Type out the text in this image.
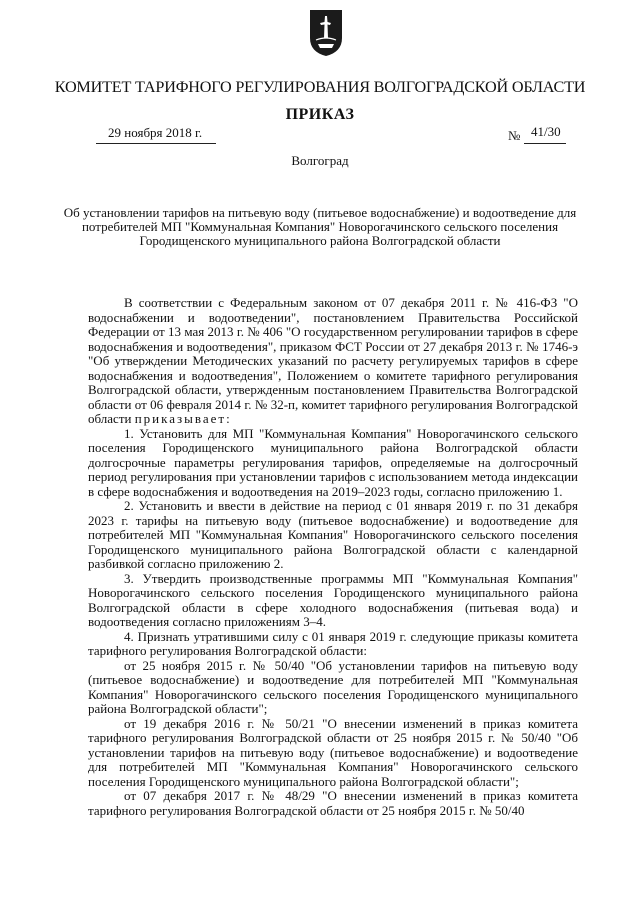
КОМИТЕТ ТАРИФНОГО РЕГУЛИРОВАНИЯ ВОЛГОГРАДСКОЙ ОБЛАСТИ
ПРИКАЗ
29 ноября 2018 г.	№ 41/30
Волгоград
Об установлении тарифов на питьевую воду (питьевое водоснабжение) и водоотведение для потребителей МП "Коммунальная Компания" Новорогачинского сельского поселения Городищенского муниципального района Волгоградской области

В соответствии с Федеральным законом от 07 декабря 2011 г. № 416-ФЗ "О водоснабжении и водоотведении", постановлением Правительства Российской Федерации от 13 мая 2013 г. № 406 "О государственном регулировании тарифов в сфере водоснабжения и водоотведения", приказом ФСТ России от 27 декабря 2013 г. № 1746-э "Об утверждении Методических указаний по расчету регулируемых тарифов в сфере водоснабжения и водоотведения", Положением о комитете тарифного регулирования Волгоградской области, утвержденным постановлением Правительства Волгоградской области от 06 февраля 2014 г. № 32-п, комитет тарифного регулирования Волгоградской области приказывает:

1. Установить для МП "Коммунальная Компания" Новорогачинского сельского поселения Городищенского муниципального района Волгоградской области долгосрочные параметры регулирования тарифов, определяемые на долгосрочный период регулирования при установлении тарифов с использованием метода индексации в сфере водоснабжения и водоотведения на 2019–2023 годы, согласно приложению 1.

2. Установить и ввести в действие на период с 01 января 2019 г. по 31 декабря 2023 г. тарифы на питьевую воду (питьевое водоснабжение) и водоотведение для потребителей МП "Коммунальная Компания" Новорогачинского сельского поселения Городищенского муниципального района Волгоградской области с календарной разбивкой согласно приложению 2.

3. Утвердить производственные программы МП "Коммунальная Компания" Новорогачинского сельского поселения Городищенского муниципального района Волгоградской области в сфере холодного водоснабжения (питьевая вода) и водоотведения согласно приложениям 3–4.

4. Признать утратившими силу с 01 января 2019 г. следующие приказы комитета тарифного регулирования Волгоградской области:

от 25 ноября 2015 г. № 50/40 "Об установлении тарифов на питьевую воду (питьевое водоснабжение) и водоотведение для потребителей МП "Коммунальная Компания" Новорогачинского сельского поселения Городищенского муниципального района Волгоградской области";

от 19 декабря 2016 г. № 50/21 "О внесении изменений в приказ комитета тарифного регулирования Волгоградской области от 25 ноября 2015 г. № 50/40 "Об установлении тарифов на питьевую воду (питьевое водоснабжение) и водоотведение для потребителей МП "Коммунальная Компания" Новорогачинского сельского поселения Городищенского муниципального района Волгоградской области";

от 07 декабря 2017 г. № 48/29 "О внесении изменений в приказ комитета тарифного регулирования Волгоградской области от 25 ноября 2015 г. № 50/40
